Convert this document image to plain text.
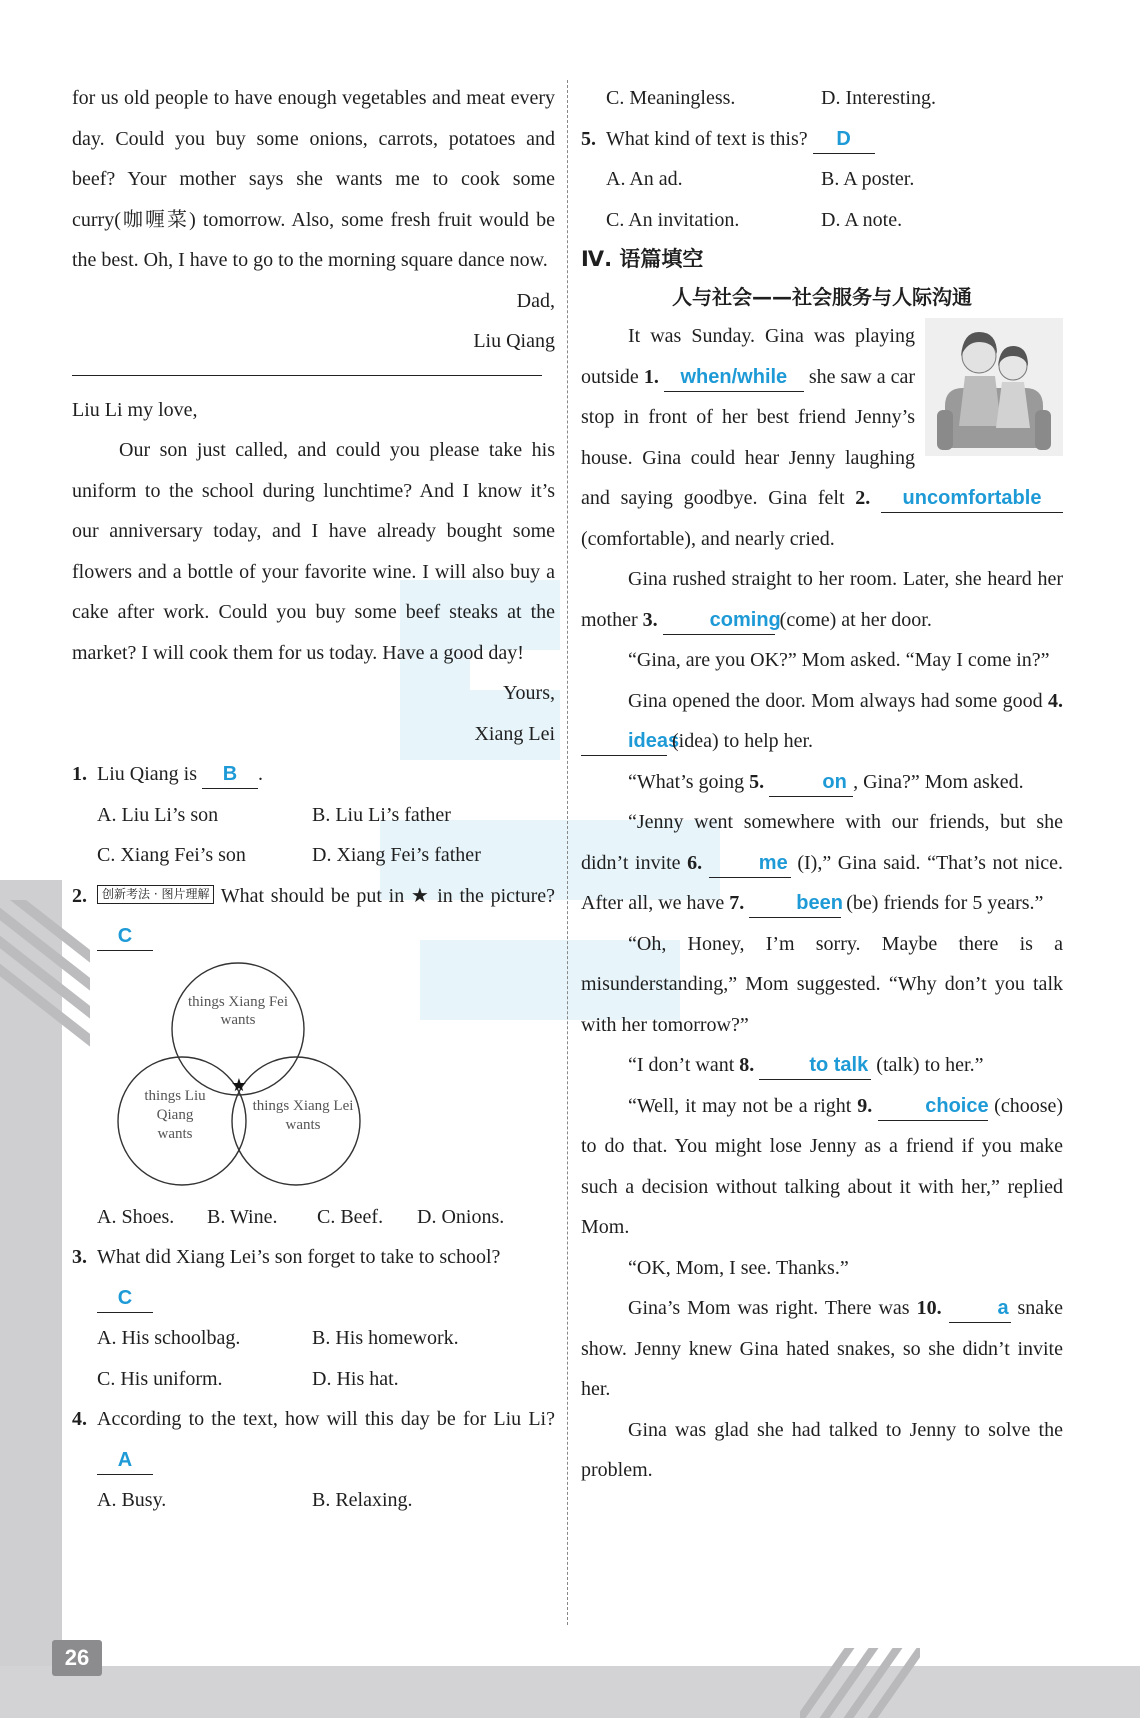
26

for us old people to have enough vegetables and meat every day. Could you buy some onions, carrots, potatoes and beef? Your mother says she wants me to cook some curry(咖喱菜) tomorrow. Also, some fresh fruit would be the best. Oh, I have to go to the morning square dance now.

Dad,

Liu Qiang

Liu Li my love,

Our son just called, and could you please take his uniform to the school during lunchtime? And I know it’s our anniversary today, and I have already bought some flowers and a bottle of your favorite wine. I will also buy a cake after work. Could you buy some beef steaks at the market? I will cook them for us today. Have a good day!

Yours,

Xiang Lei

1. Liu Qiang is B .
A. Liu Li’s son	B. Liu Li’s father
C. Xiang Fei’s son	D. Xiang Fei’s father
2.	创新考法 · 图片理解 What should be put in ★ in the picture? C
things Xiang Fei wants
things Liu Qiang wants
things Xiang Lei wants
★
A. Shoes.	B. Wine.	C. Beef.	D. Onions.
3. What did Xiang Lei’s son forget to take to school?
C
A. His schoolbag.	B. His homework.
C. His uniform.	D. His hat.
4. According to the text, how will this day be for Liu Li? A
A. Busy.	B. Relaxing.
C. Meaningless.	D. Interesting.
5. What kind of text is this? D
A. An ad.	B. A poster.
C. An invitation.	D. A note.

Ⅳ. 语篇填空

人与社会——社会服务与人际沟通

It was Sunday. Gina was playing outside 1. when/while she saw a car stop in front of her best friend Jenny’s house. Gina could hear Jenny laughing and saying goodbye. Gina felt 2. uncomfortable (comfortable), and nearly cried.

Gina rushed straight to her room. Later, she heard her mother 3.	coming (come) at her door.

“Gina, are you OK?” Mom asked. “May I come in?”

Gina opened the door. Mom always had some good 4. ideas (idea) to help her.

“What’s going 5.	on , Gina?” Mom asked.

“Jenny went somewhere with our friends, but she didn’t invite 6.	me (I),” Gina said. “That’s not nice. After all, we have 7.	been (be) friends for 5 years.”

“Oh, Honey, I’m sorry. Maybe there is a misunderstanding,” Mom suggested. “Why don’t you talk with her tomorrow?”

“I don’t want 8.	to talk (talk) to her.”

“Well, it may not be a right 9.	choice (choose) to do that. You might lose Jenny as a friend if you make such a decision without talking about it with her,” replied Mom.

“OK, Mom, I see. Thanks.”

Gina’s Mom was right. There was 10.	a snake show. Jenny knew Gina hated snakes, so she didn’t invite her.

Gina was glad she had talked to Jenny to solve the problem.
